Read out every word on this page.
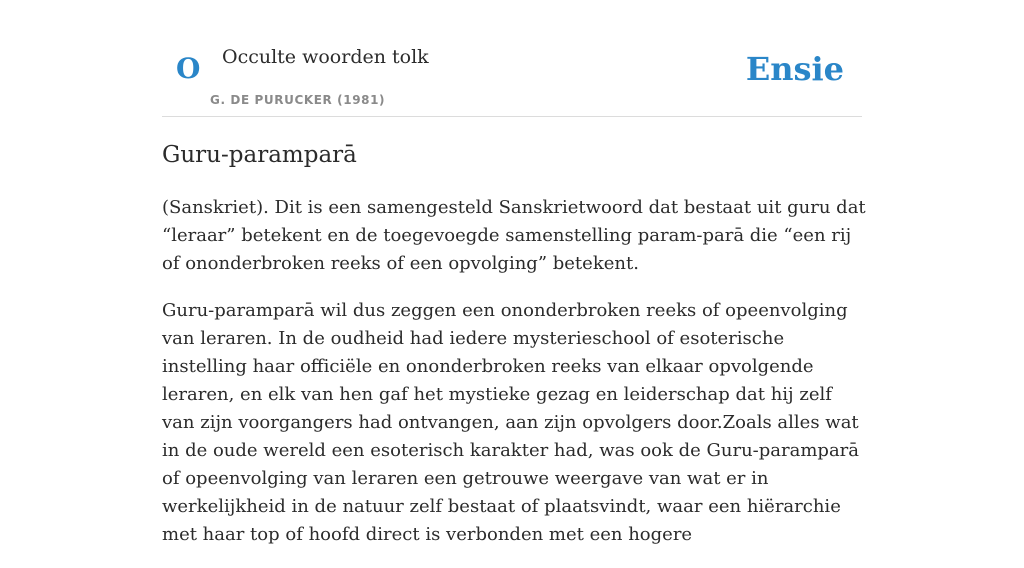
O Occulte woorden tolk
G. DE PURUCKER (1981)
Ensie
Guru-paramparā

(Sanskriet). Dit is een samengesteld Sanskrietwoord dat bestaat uit guru dat “leraar” betekent en de toegevoegde samenstelling param-parā die “een rij of ononderbroken reeks of een opvolging” betekent.

Guru-paramparā wil dus zeggen een ononderbroken reeks of opeenvolging van leraren. In de oudheid had iedere mysterieschool of esoterische instelling haar officiële en ononderbroken reeks van elkaar opvolgende leraren, en elk van hen gaf het mystieke gezag en leiderschap dat hij zelf van zijn voorgangers had ontvangen, aan zijn opvolgers door.Zoals alles wat in de oude wereld een esoterisch karakter had, was ook de Guru-paramparā of opeenvolging van leraren een getrouwe weergave van wat er in werkelijkheid in de natuur zelf bestaat of plaatsvindt, waar een hiërarchie met haar top of hoofd direct is verbonden met een hogere
